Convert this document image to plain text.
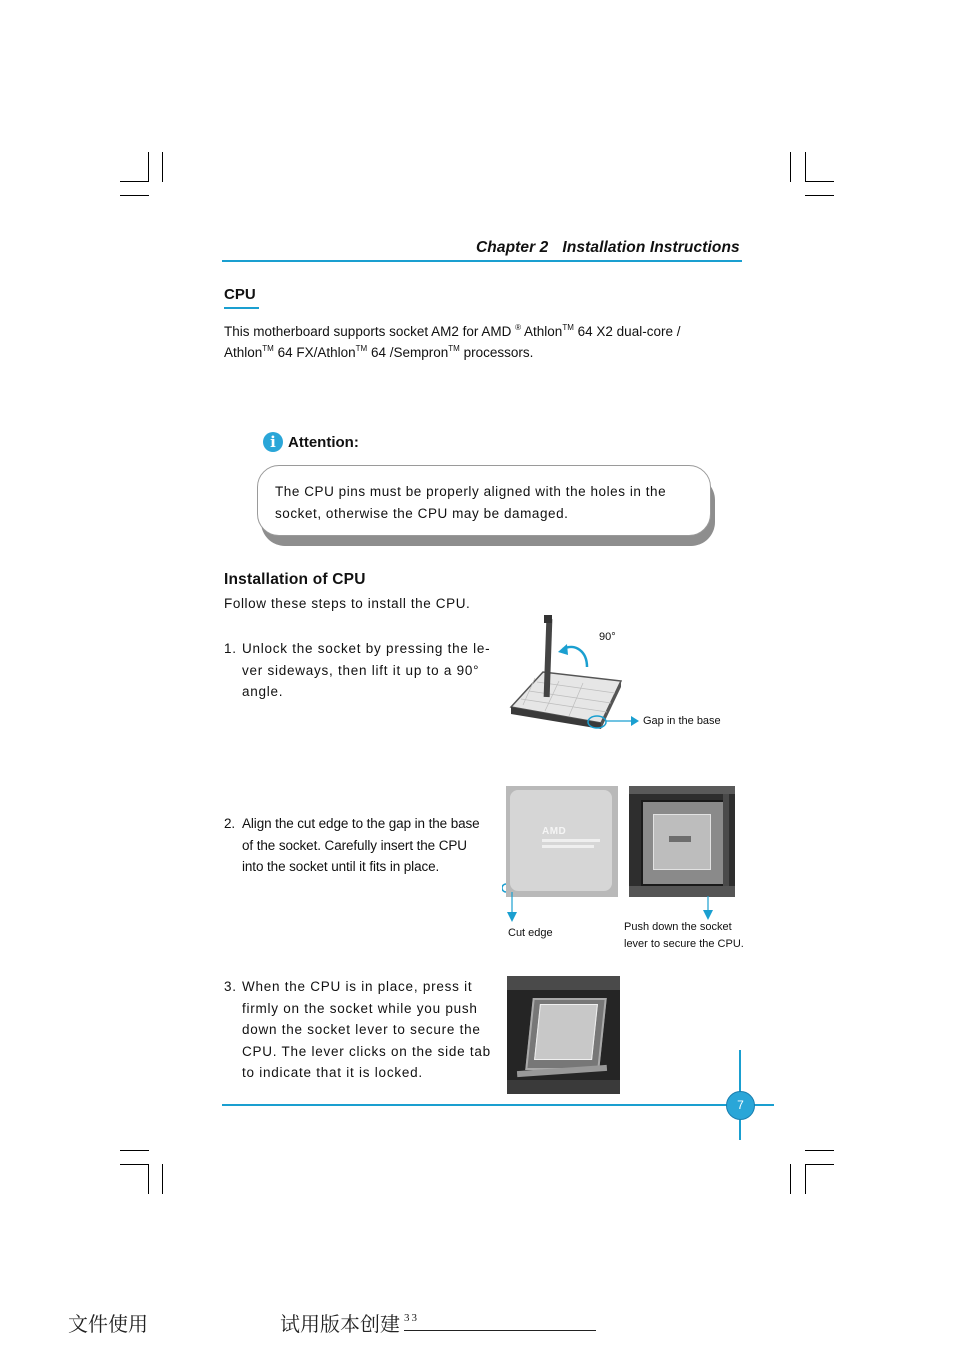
Chapter 2 Installation Instructions
CPU
This motherboard supports socket AM2 for AMD ® Athlon™ 64 X2 dual-core /
Athlon™ 64 FX/Athlon™ 64 /Sempron™ processors.
i Attention:
The CPU pins must be properly aligned with the holes in the
socket, otherwise the CPU may be damaged.
Installation of CPU
Follow these steps to install the CPU.
1. Unlock the socket by pressing the le-
ver sideways, then lift it up to a 90°
angle.
2. Align the cut edge to the gap in the base
of the socket. Carefully insert the CPU
into the socket until it fits in place.
3. When the CPU is in place, press it
firmly on the socket while you push
down the socket lever to secure the
CPU. The lever clicks on the side tab
to indicate that it is locked.
90°
Gap in the base
AMD
Cut edge	Push down the socket
lever to secure the CPU.
7
文件使用	试用版本创建 33
